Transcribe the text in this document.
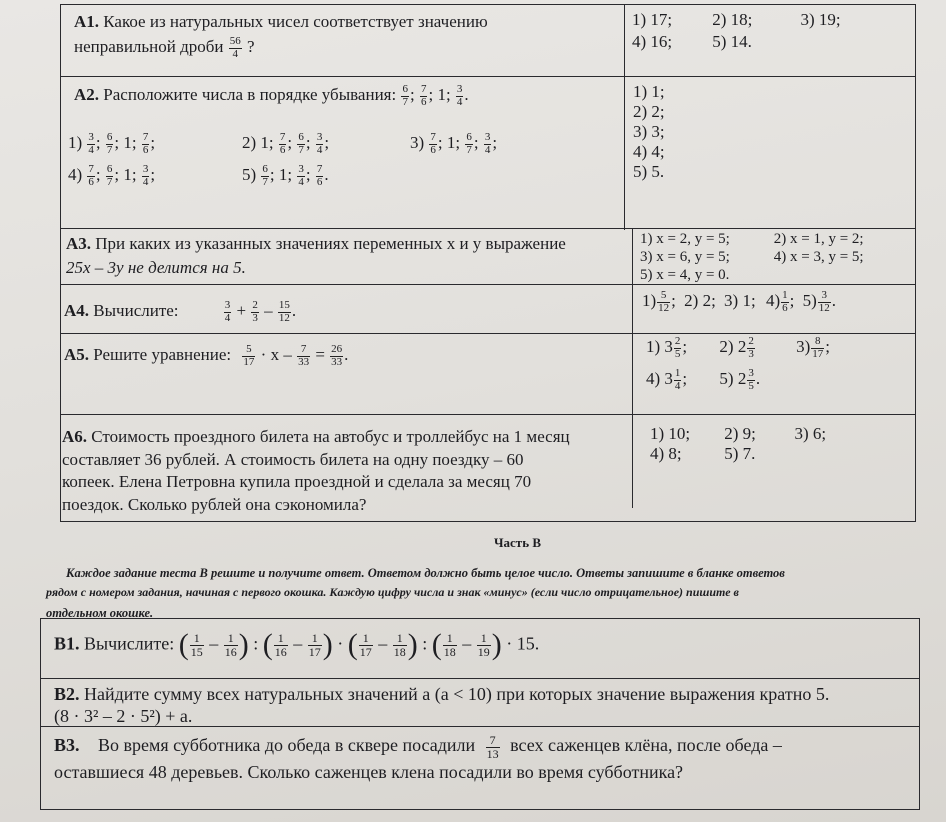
А1. Какое из натуральных чисел соответствует значению
неправильной дроби $\frac{56}{4}$ ?
1) 17; 2) 18;	3) 19;
4) 16; 5) 14.
А2. Расположите числа в порядке убывания: $\frac{6}{7}$ ; $\frac{7}{6}$ ; 1; $\frac{3}{4}$ .
$1) \frac{3}{4}$ ; $\frac{6}{7}$ ; 1; $\frac{7}{6}$ ;	2) 1; $\frac{7}{6}$ ; $\frac{6}{7}$ ; $\frac{3}{4}$ ;	$3) \frac{7}{6}$ ; 1; $\frac{6}{7}$ ; $\frac{3}{4}$ ;
$4) \frac{7}{6}$ ; $\frac{6}{7}$ ; 1; $\frac{3}{4}$ ;	$5) \frac{6}{7}$ ; 1; $\frac{3}{4}$ ; $\frac{7}{6}$ .
1) 1;
2) 2;
3) 3;
4) 4;
5) 5.
А3. При каких из указанных значениях переменных x и y выражение
25x – 3y не делится на 5.
1) x = 2, y = 5;	2) x = 1, y = 2;
3) x = 6, y = 5;	4) x = 3, y = 5;
5) x = 4, y = 0.
А4. Вычислите:	$\frac{3}{4} + \frac{2}{3} - \frac{15}{12}$ .
$1) \frac{5}{12}$ ; 2) 2; 3) 1; $4) \frac{1}{6}$ ; $5) \frac{3}{12}$ .
А5. Решите уравнение: $\frac{5}{17} \cdot x - \frac{7}{33} = \frac{26}{33}$ .	1) $3 \frac{2}{5}$ ; 2) $2 \frac{2}{3} 3) \frac{8}{17}$ ;
4) $3 \frac{1}{4}$ ; 5) $2 \frac{3}{5}$ .
А6. Стоимость проездного билета на автобус и троллейбус на 1 месяц
составляет 36 рублей. А стоимость билета на одну поездку – 60
копеек. Елена Петровна купила проездной и сделала за месяц 70
поездок. Сколько рублей она сэкономила?
1) 10; 2) 9; 3) 6;
4) 8;	5) 7.
Часть В
Каждое задание теста В решите и получите ответ. Ответом должно быть целое число. Ответы запишите в бланке ответов
рядом с номером задания, начиная с первого окошка. Каждую цифру числа и знак «минус» (если число отрицательное) пишите в
отдельном окошке.
В1. Вычислите: ( $\frac{1}{15} - \frac{1}{16}$ ) : ( $\frac{1}{16} - \frac{1}{17}$ ) · ( $\frac{1}{17} - \frac{1}{18}$ ) : ( $\frac{1}{18} - \frac{1}{19}$ ) · 15.
В2. Найдите сумму всех натуральных значений a (a < 10) при которых значение выражения кратно 5.
(8 · 3² – 2 · 5²) + a.
В3. Во время субботника до обеда в сквере посадили $\frac{7}{13}$ всех саженцев клёна, после обеда –
оставшиеся 48 деревьев. Сколько саженцев клена посадили во время субботника?
